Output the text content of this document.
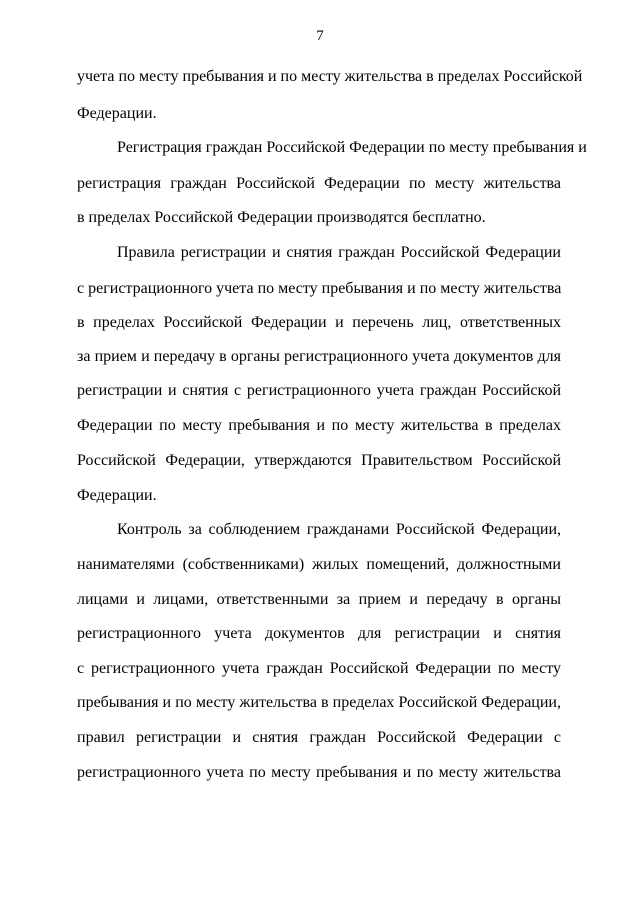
7
учета по месту пребывания и по месту жительства в пределах Российской
Федерации.
Регистрация граждан Российской Федерации по месту пребывания и
регистрация граждан Российской Федерации по месту жительства
в пределах Российской Федерации производятся бесплатно.
Правила регистрации и снятия граждан Российской Федерации
с регистрационного учета по месту пребывания и по месту жительства
в пределах Российской Федерации и перечень лиц, ответственных
за прием и передачу в органы регистрационного учета документов для
регистрации и снятия с регистрационного учета граждан Российской
Федерации по месту пребывания и по месту жительства в пределах
Российской Федерации, утверждаются Правительством Российской
Федерации.
Контроль за соблюдением гражданами Российской Федерации,
нанимателями (собственниками) жилых помещений, должностными
лицами и лицами, ответственными за прием и передачу в органы
регистрационного учета документов для регистрации и снятия
с регистрационного учета граждан Российской Федерации по месту
пребывания и по месту жительства в пределах Российской Федерации,
правил регистрации и снятия граждан Российской Федерации с
регистрационного учета по месту пребывания и по месту жительства
